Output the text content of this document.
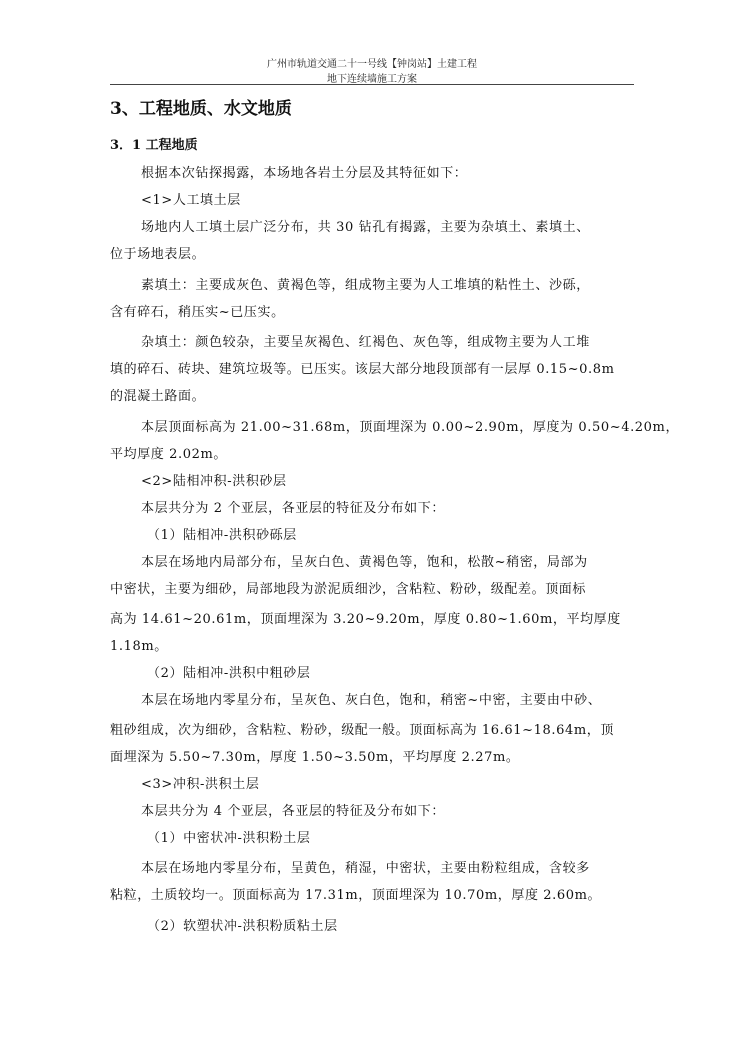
广州市轨道交通二十一号线【钟岗站】土建工程
地下连续墙施工方案
3、工程地质、水文地质
3．1 工程地质
根据本次钻探揭露，本场地各岩土分层及其特征如下：
<1>人工填土层
场地内人工填土层广泛分布，共 30 钻孔有揭露，主要为杂填土、素填土、
位于场地表层。
素填土：主要成灰色、黄褐色等，组成物主要为人工堆填的粘性土、沙砾，
含有碎石，稍压实~已压实。
杂填土：颜色较杂，主要呈灰褐色、红褐色、灰色等，组成物主要为人工堆
填的碎石、砖块、建筑垃圾等。已压实。该层大部分地段顶部有一层厚 0.15~0.8m
的混凝土路面。
本层顶面标高为 21.00~31.68m，顶面埋深为 0.00~2.90m，厚度为 0.50~4.20m，
平均厚度 2.02m。
<2>陆相冲积-洪积砂层
本层共分为 2 个亚层，各亚层的特征及分布如下：
（1）陆相冲-洪积砂砾层
本层在场地内局部分布，呈灰白色、黄褐色等，饱和，松散~稍密，局部为
中密状，主要为细砂，局部地段为淤泥质细沙，含粘粒、粉砂，级配差。顶面标
高为 14.61~20.61m，顶面埋深为 3.20~9.20m，厚度 0.80~1.60m，平均厚度
1.18m。
（2）陆相冲-洪积中粗砂层
本层在场地内零星分布，呈灰色、灰白色，饱和，稍密~中密，主要由中砂、
粗砂组成，次为细砂，含粘粒、粉砂，级配一般。顶面标高为 16.61~18.64m，顶
面埋深为 5.50~7.30m，厚度 1.50~3.50m，平均厚度 2.27m。
<3>冲积-洪积土层
本层共分为 4 个亚层，各亚层的特征及分布如下：
（1）中密状冲-洪积粉土层
本层在场地内零星分布，呈黄色，稍湿，中密状，主要由粉粒组成，含较多
粘粒，土质较均一。顶面标高为 17.31m，顶面埋深为 10.70m，厚度 2.60m。
（2）软塑状冲-洪积粉质粘土层
